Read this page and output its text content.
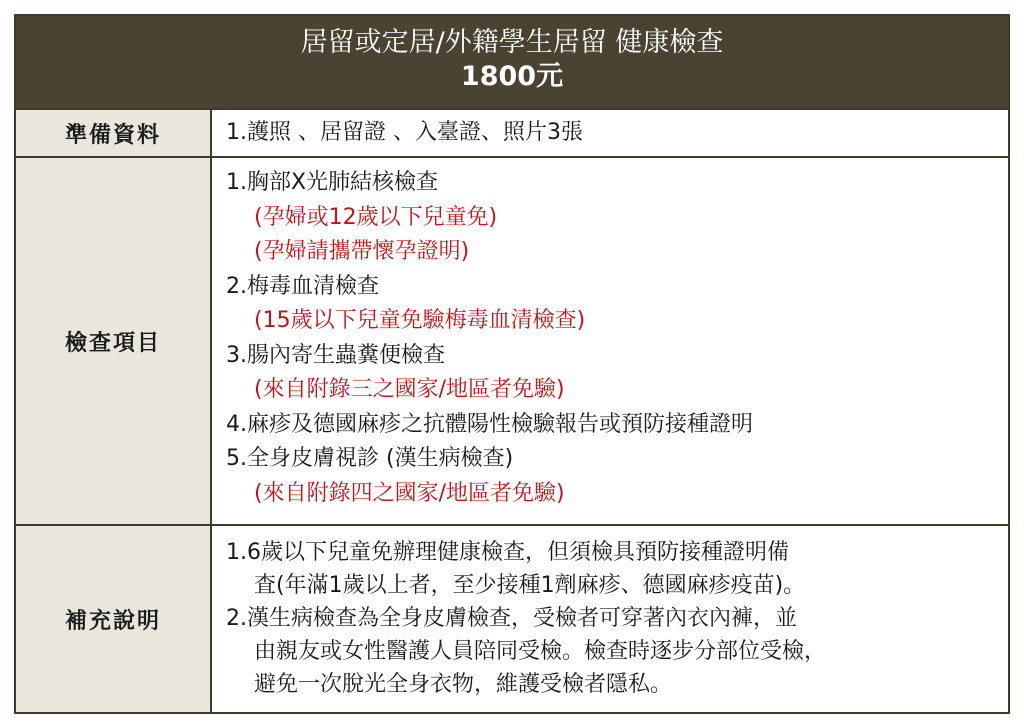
居留或定居/外籍學生居留 健康檢查
1800元
準備資料	1.護照 、居留證 、入臺證、照片3張
檢查項目
1.胸部X光肺結核檢查
(孕婦或12歲以下兒童免)
(孕婦請攜帶懷孕證明)
2.梅毒血清檢查
(15歲以下兒童免驗梅毒血清檢查)
3.腸內寄生蟲糞便檢查
(來自附錄三之國家/地區者免驗)
4.麻疹及德國麻疹之抗體陽性檢驗報告或預防接種證明
5.全身皮膚視診 (漢生病檢查)
(來自附錄四之國家/地區者免驗)
補充說明
1.6歲以下兒童免辦理健康檢查，但須檢具預防接種證明備
査(年滿1歲以上者，至少接種1劑麻疹、德國麻疹疫苗)。
2.漢生病檢查為全身皮膚檢查，受檢者可穿著內衣內褲，並
由親友或女性醫護人員陪同受檢。檢查時逐步分部位受檢，
避免一次脫光全身衣物，維護受檢者隱私。
